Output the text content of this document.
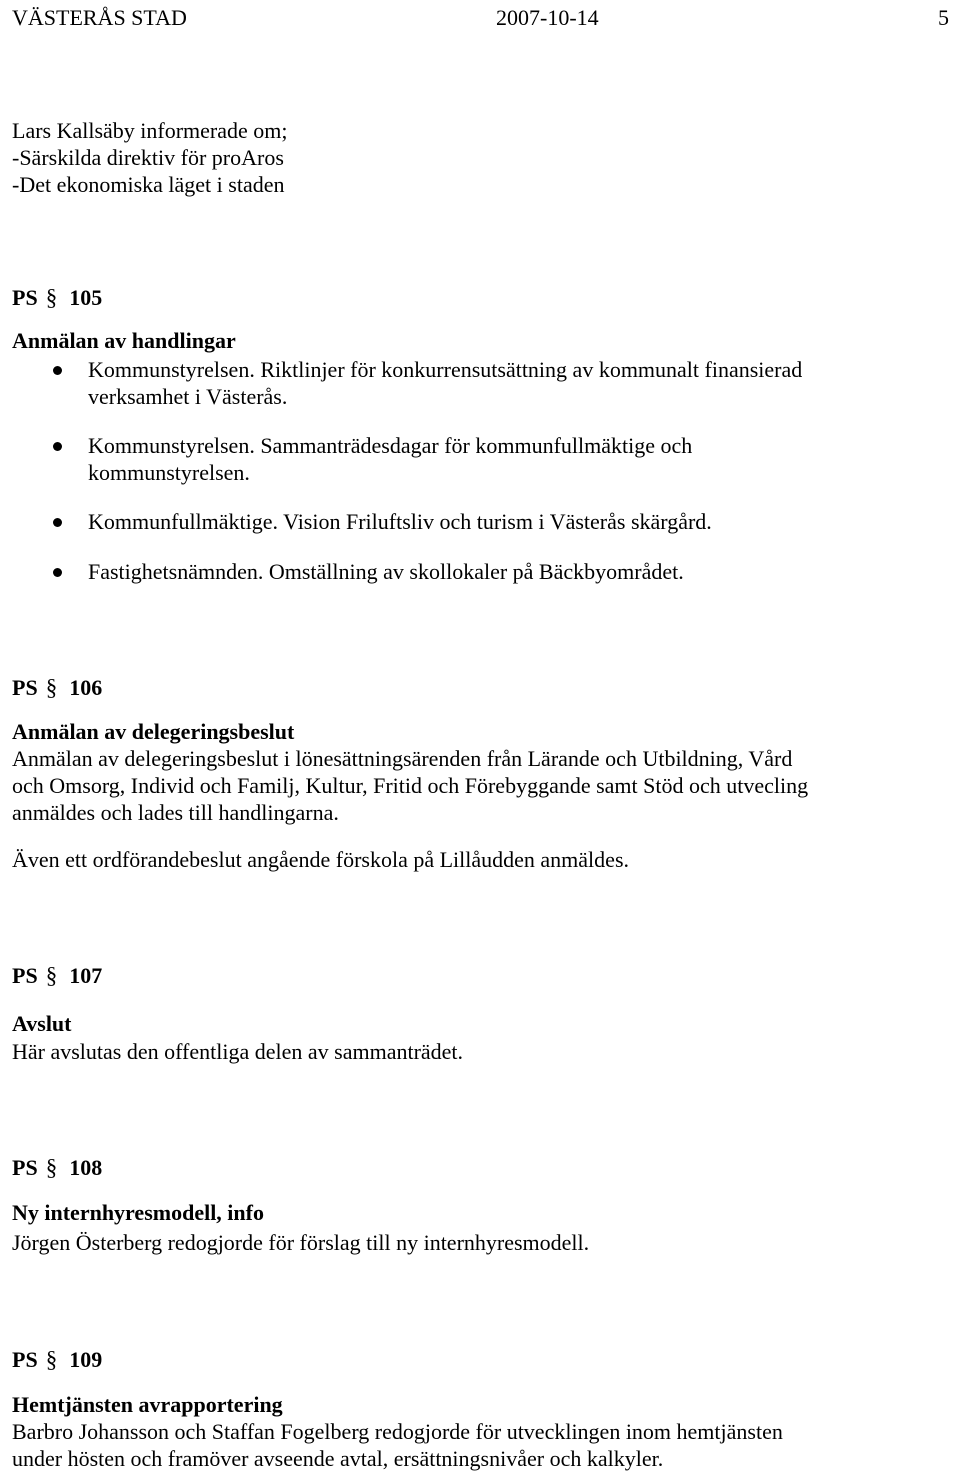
VÄSTERÅS STAD	2007-10-14	5
Lars Kallsäby informerade om;
-Särskilda direktiv för proAros
-Det ekonomiska läget i staden
PS § 105
Anmälan av handlingar
Kommunstyrelsen. Riktlinjer för konkurrensutsättning av kommunalt finansierad
verksamhet i Västerås.
Kommunstyrelsen. Sammanträdesdagar för kommunfullmäktige och
kommunstyrelsen.
Kommunfullmäktige. Vision Friluftsliv och turism i Västerås skärgård.
Fastighetsnämnden. Omställning av skollokaler på Bäckbyområdet.
PS § 106
Anmälan av delegeringsbeslut
Anmälan av delegeringsbeslut i lönesättningsärenden från Lärande och Utbildning, Vård
och Omsorg, Individ och Familj, Kultur, Fritid och Förebyggande samt Stöd och utvecling
anmäldes och lades till handlingarna.
Även ett ordförandebeslut angående förskola på Lillåudden anmäldes.
PS § 107
Avslut
Här avslutas den offentliga delen av sammanträdet.
PS § 108
Ny internhyresmodell, info
Jörgen Österberg redogjorde för förslag till ny internhyresmodell.
PS § 109
Hemtjänsten avrapportering
Barbro Johansson och Staffan Fogelberg redogjorde för utvecklingen inom hemtjänsten
under hösten och framöver avseende avtal, ersättningsnivåer och kalkyler.
